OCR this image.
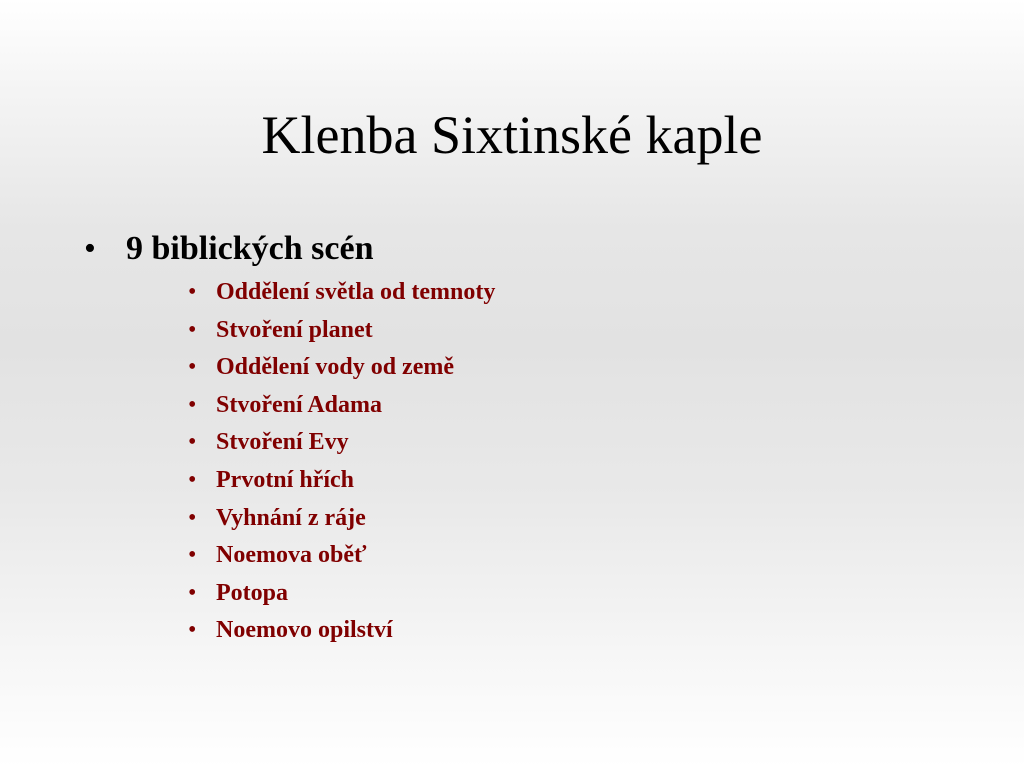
Klenba Sixtinské kaple
• 9 biblických scén
• Oddělení světla od temnoty
• Stvoření planet
• Oddělení vody od země
• Stvoření Adama
• Stvoření Evy
• Prvotní hřích
• Vyhnání z ráje
• Noemova oběť
• Potopa
• Noemovo opilství
